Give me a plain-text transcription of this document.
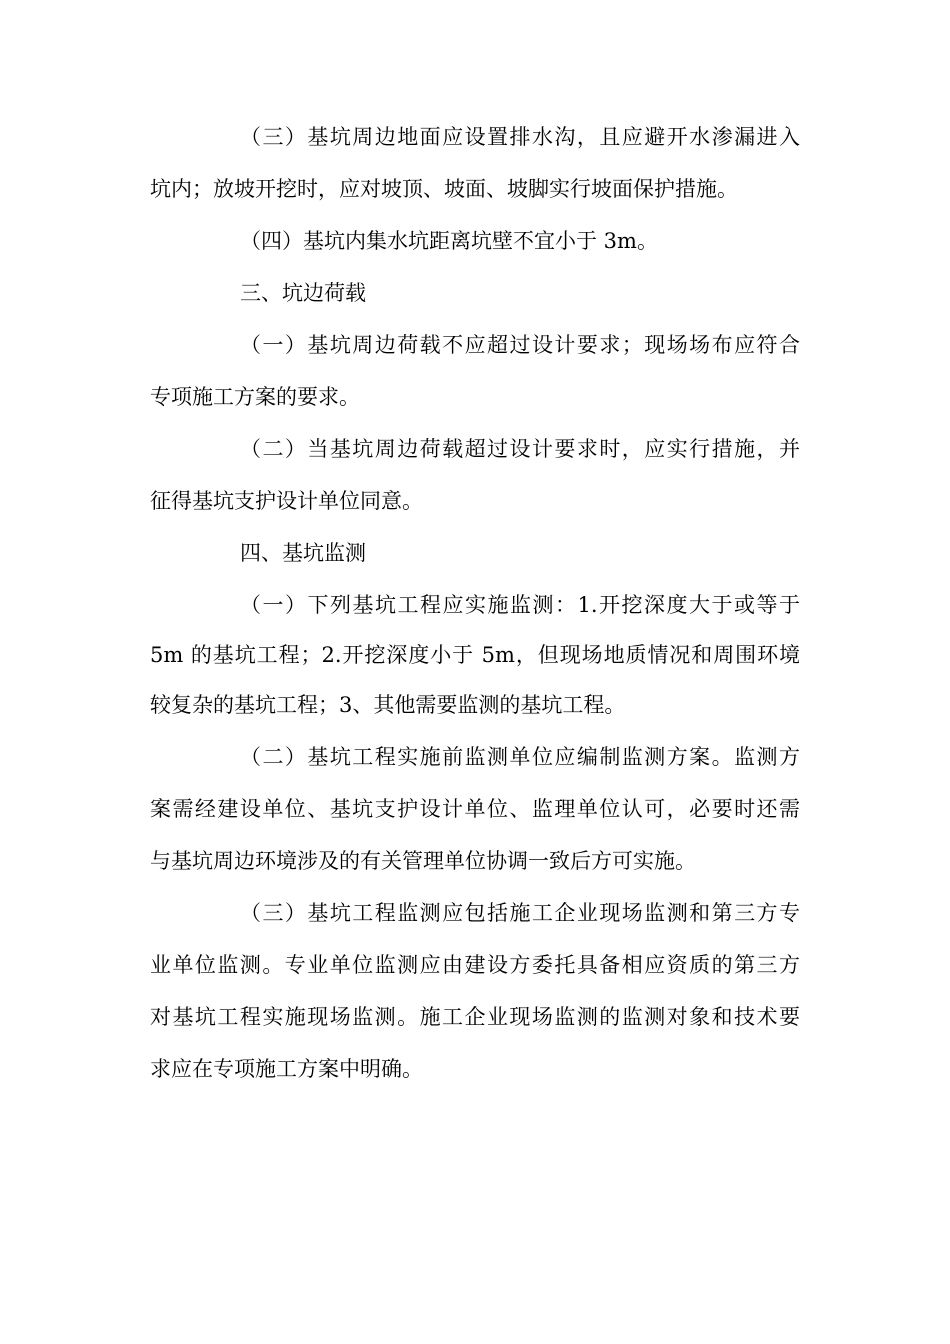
（三）基坑周边地面应设置排水沟，且应避开水渗漏进入
坑内；放坡开挖时，应对坡顶、坡面、坡脚实行坡面保护措施。
（四）基坑内集水坑距离坑壁不宜小于 3m。
三、坑边荷载
（一）基坑周边荷载不应超过设计要求；现场场布应符合
专项施工方案的要求。
（二）当基坑周边荷载超过设计要求时，应实行措施，并
征得基坑支护设计单位同意。
四、基坑监测
（一）下列基坑工程应实施监测：1.开挖深度大于或等于
5m 的基坑工程；2.开挖深度小于 5m，但现场地质情况和周围环境
较复杂的基坑工程；3、其他需要监测的基坑工程。
（二）基坑工程实施前监测单位应编制监测方案。监测方
案需经建设单位、基坑支护设计单位、监理单位认可，必要时还需
与基坑周边环境涉及的有关管理单位协调一致后方可实施。
（三）基坑工程监测应包括施工企业现场监测和第三方专
业单位监测。专业单位监测应由建设方委托具备相应资质的第三方
对基坑工程实施现场监测。施工企业现场监测的监测对象和技术要
求应在专项施工方案中明确。
